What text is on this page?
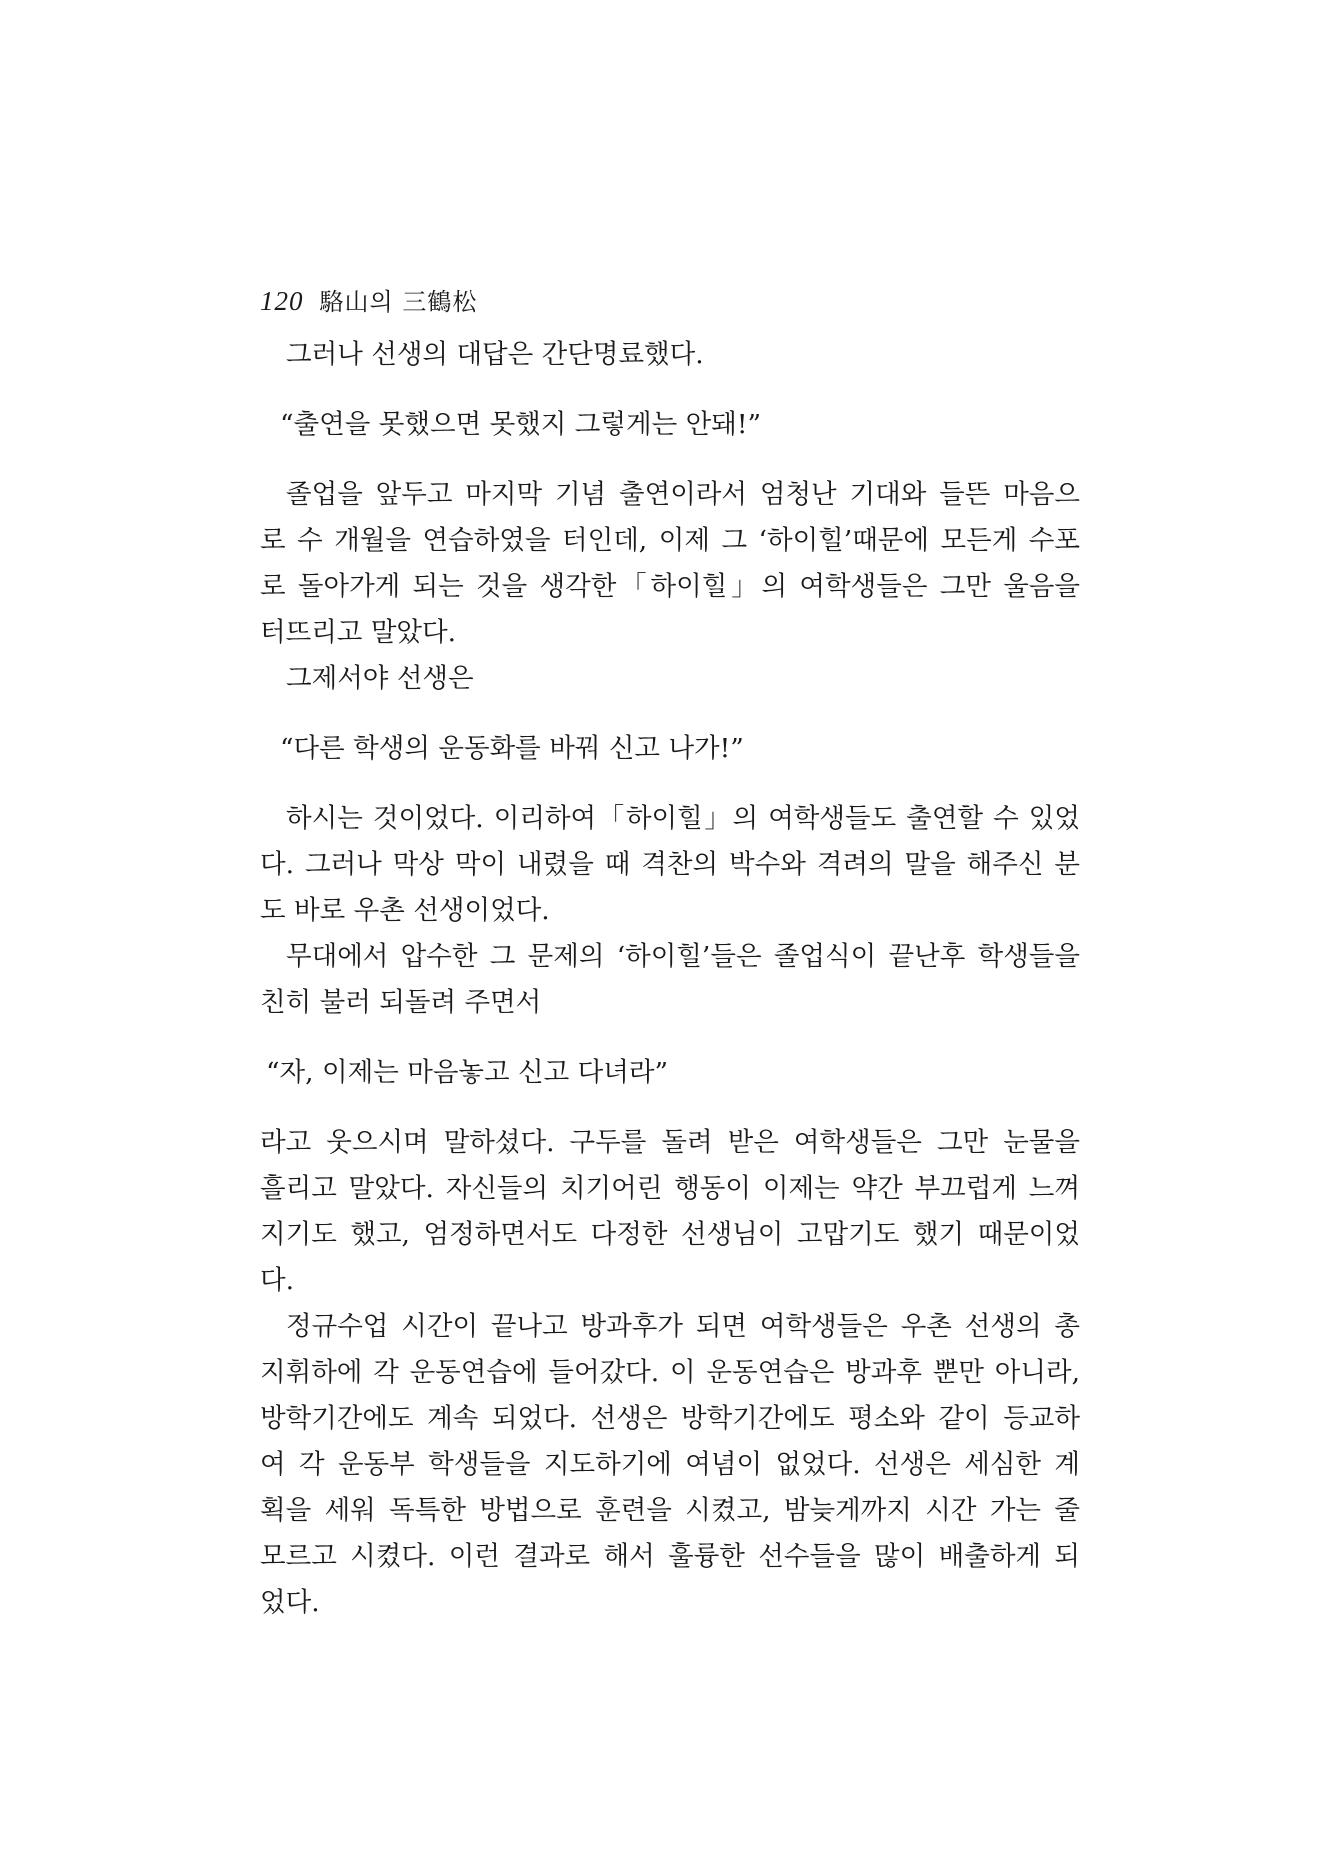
120 駱山의 三鶴松

그러나 선생의 대답은 간단명료했다.

“출연을 못했으면 못했지 그렇게는 안돼!”

졸업을 앞두고 마지막 기념 출연이라서 엄청난 기대와 들뜬 마음으
로 수 개월을 연습하였을 터인데, 이제 그 ‘하이힐’때문에 모든게 수포
로 돌아가게 되는 것을 생각한「하이힐」의 여학생들은 그만 울음을
터뜨리고 말았다.

그제서야 선생은

“다른 학생의 운동화를 바꿔 신고 나가!”

하시는 것이었다. 이리하여「하이힐」의 여학생들도 출연할 수 있었
다. 그러나 막상 막이 내렸을 때 격찬의 박수와 격려의 말을 해주신 분
도 바로 우촌 선생이었다.

무대에서 압수한 그 문제의 ‘하이힐’들은 졸업식이 끝난후 학생들을
친히 불러 되돌려 주면서

“자, 이제는 마음놓고 신고 다녀라”

라고 웃으시며 말하셨다. 구두를 돌려 받은 여학생들은 그만 눈물을
흘리고 말았다. 자신들의 치기어린 행동이 이제는 약간 부끄럽게 느껴
지기도 했고, 엄정하면서도 다정한 선생님이 고맙기도 했기 때문이었
다.

정규수업 시간이 끝나고 방과후가 되면 여학생들은 우촌 선생의 총
지휘하에 각 운동연습에 들어갔다. 이 운동연습은 방과후 뿐만 아니라,
방학기간에도 계속 되었다. 선생은 방학기간에도 평소와 같이 등교하
여 각 운동부 학생들을 지도하기에 여념이 없었다. 선생은 세심한 계
획을 세워 독특한 방법으로 훈련을 시켰고, 밤늦게까지 시간 가는 줄
모르고 시켰다. 이런 결과로 해서 훌륭한 선수들을 많이 배출하게 되
었다.
